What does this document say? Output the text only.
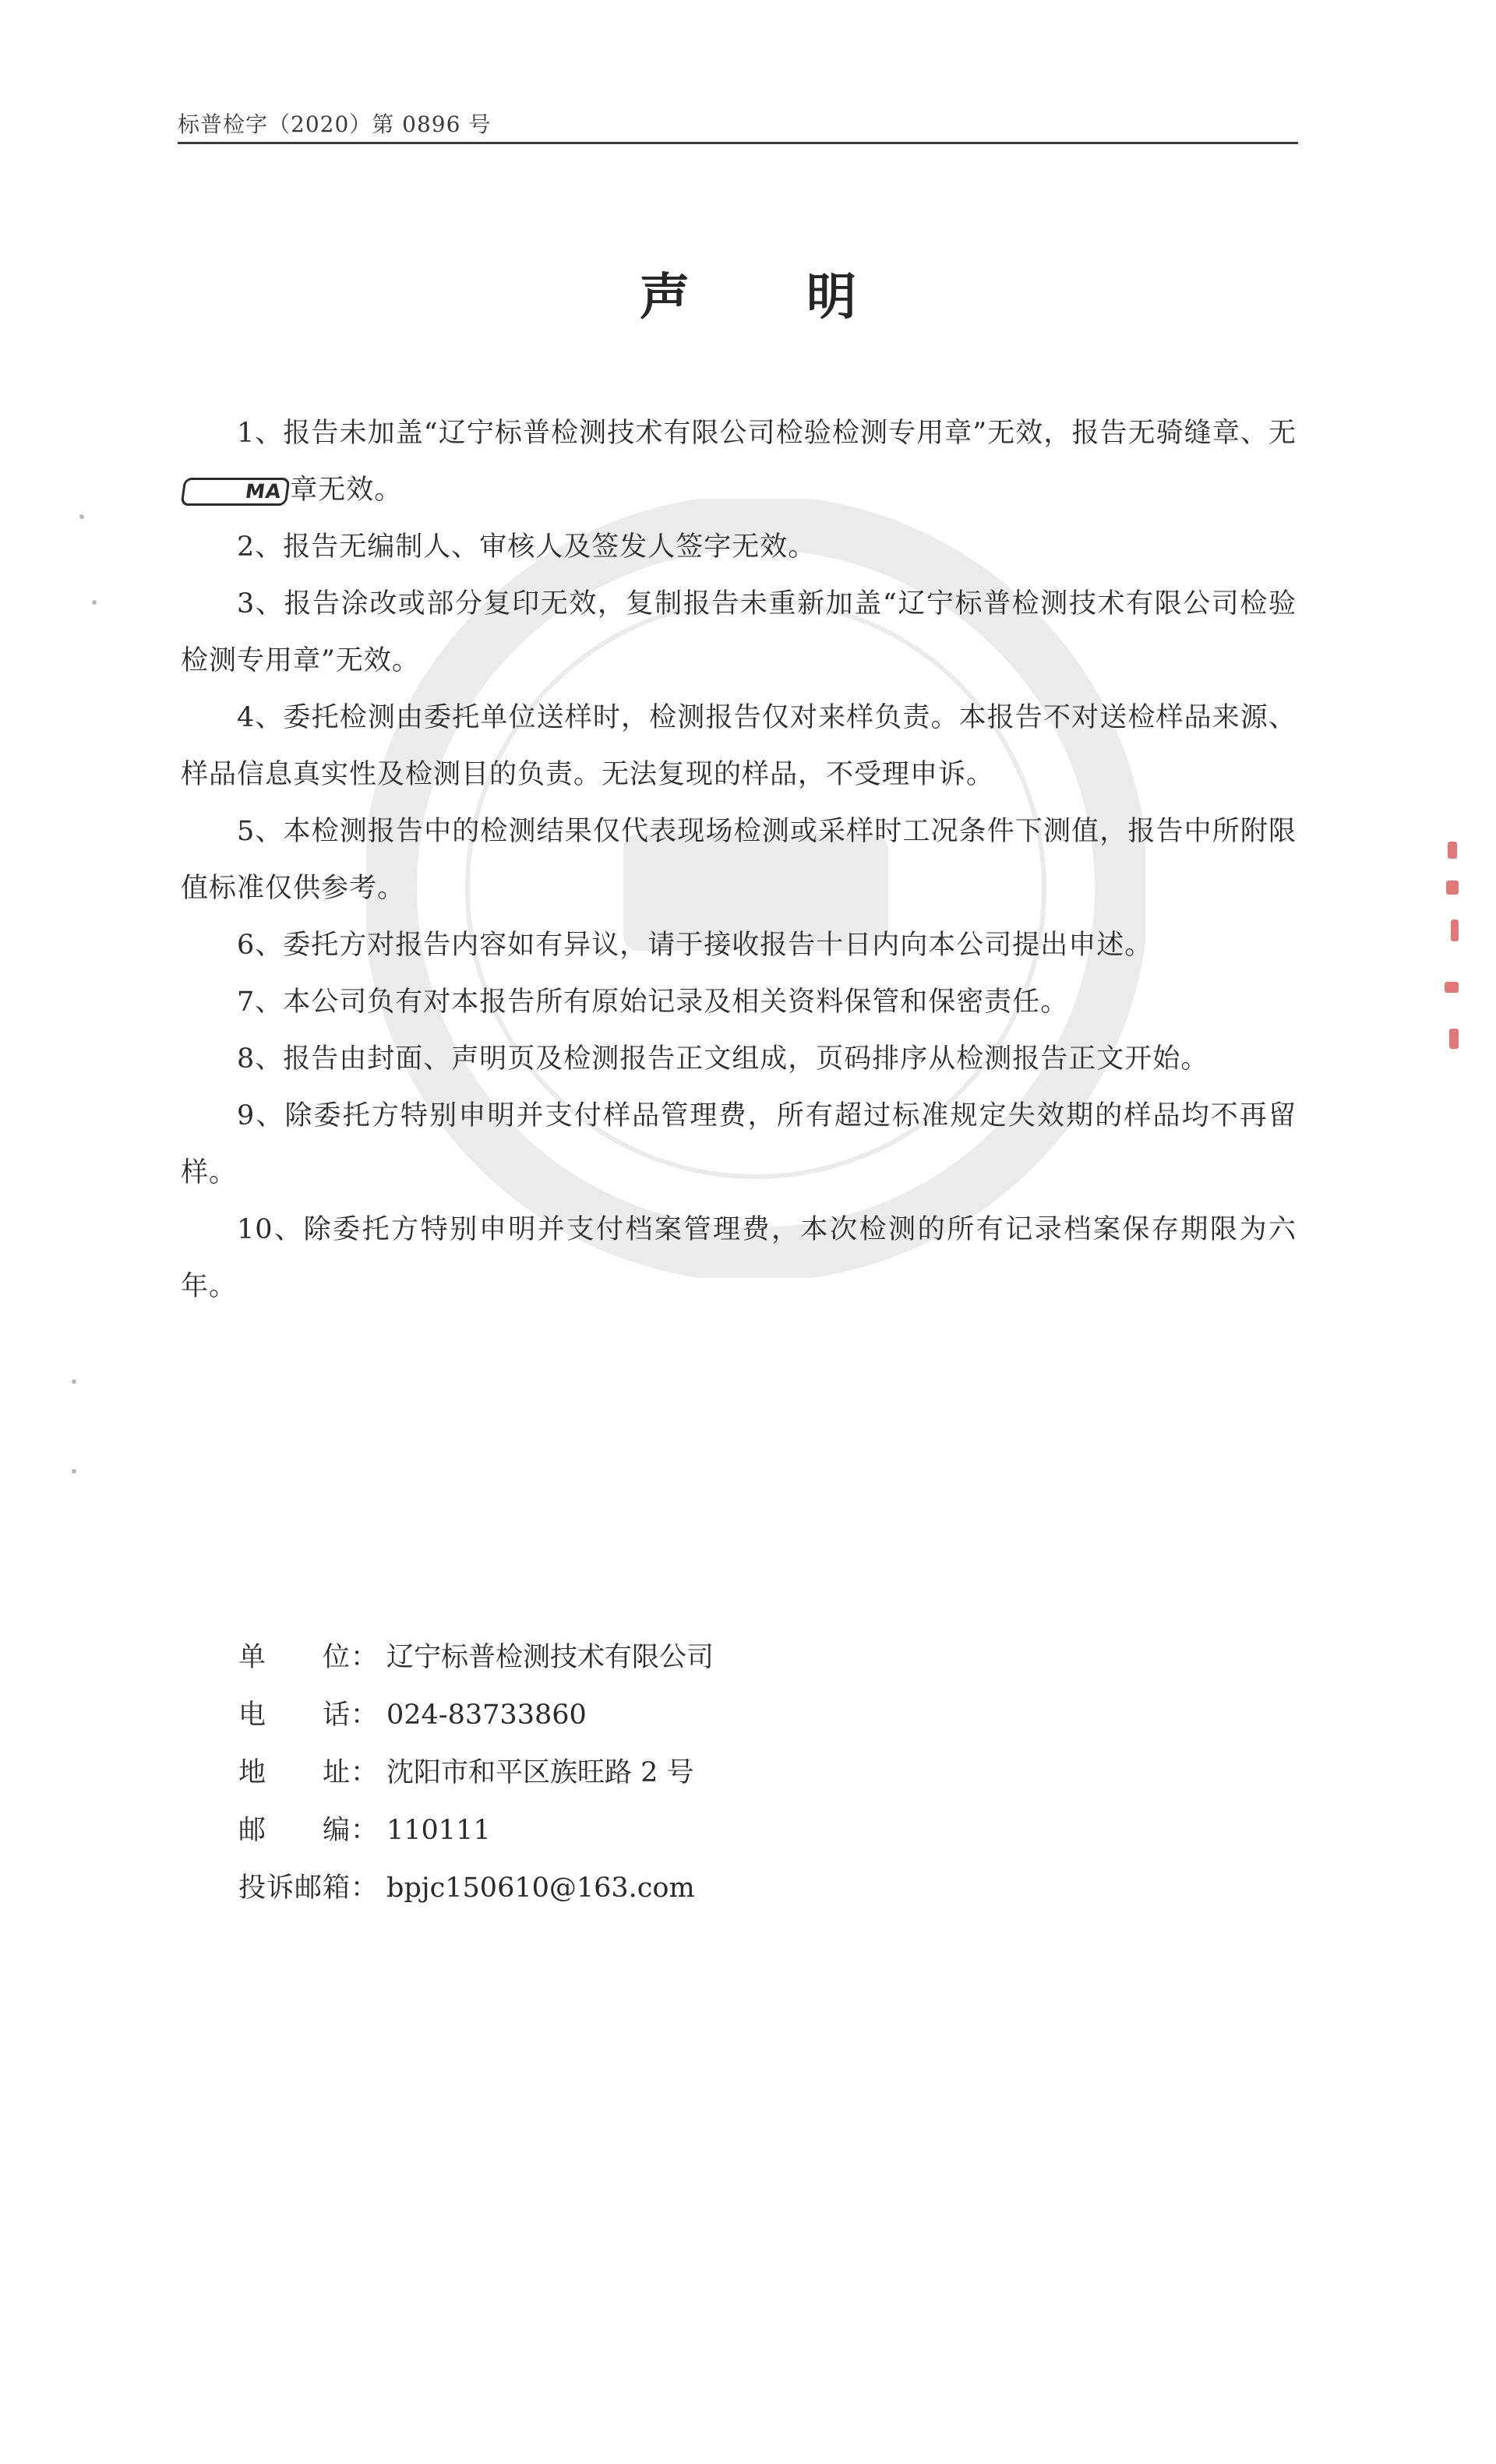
标普检字（2020）第 0896 号
声明

1、报告未加盖“辽宁标普检测技术有限公司检验检测专用章”无效，报告无骑缝章、无MA 章无效。

2、报告无编制人、审核人及签发人签字无效。

3、报告涂改或部分复印无效，复制报告未重新加盖“辽宁标普检测技术有限公司检验检测专用章”无效。

4、委托检测由委托单位送样时，检测报告仅对来样负责。本报告不对送检样品来源、样品信息真实性及检测目的负责。无法复现的样品，不受理申诉。

5、本检测报告中的检测结果仅代表现场检测或采样时工况条件下测值，报告中所附限值标准仅供参考。

6、委托方对报告内容如有异议，请于接收报告十日内向本公司提出申述。

7、本公司负有对本报告所有原始记录及相关资料保管和保密责任。

8、报告由封面、声明页及检测报告正文组成，页码排序从检测报告正文开始。

9、除委托方特别申明并支付样品管理费，所有超过标准规定失效期的样品均不再留样。

10、除委托方特别申明并支付档案管理费，本次检测的所有记录档案保存期限为六年。

单　　位： 辽宁标普检测技术有限公司
电　　话： 024-83733860
地　　址： 沈阳市和平区族旺路 2 号
邮　　编： 110111
投诉邮箱： bpjc150610@163.com
